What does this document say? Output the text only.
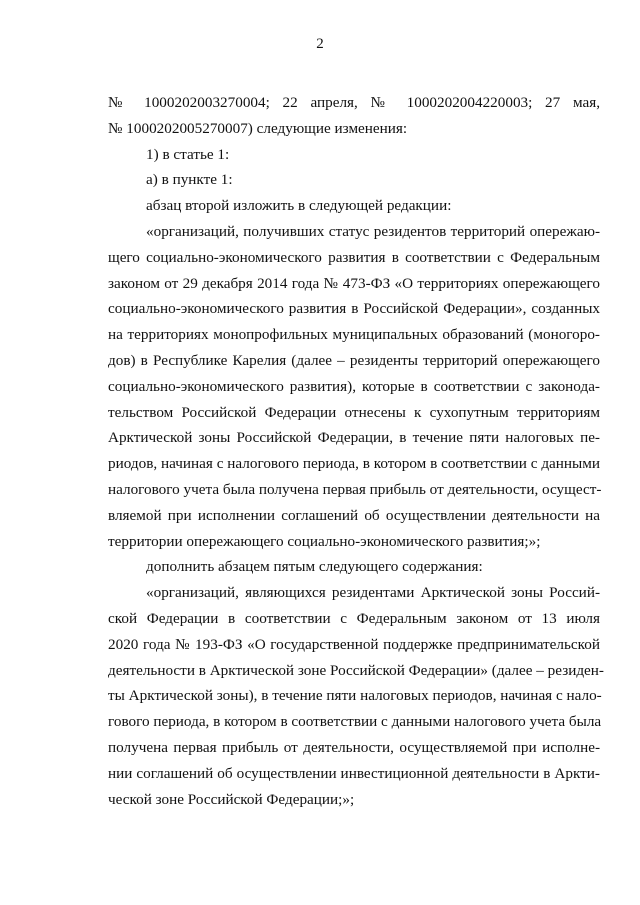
2
№ 1000202003270004; 22 апреля, № 1000202004220003; 27 мая,
№ 1000202005270007) следующие изменения:
1) в статье 1:
а) в пункте 1:
абзац второй изложить в следующей редакции:
«организаций, получивших статус резидентов территорий опережаю-
щего социально-экономического развития в соответствии с Федеральным
законом от 29 декабря 2014 года № 473-ФЗ «О территориях опережающего
социально-экономического развития в Российской Федерации», созданных
на территориях монопрофильных муниципальных образований (моногоро-
дов) в Республике Карелия (далее – резиденты территорий опережающего
социально-экономического развития), которые в соответствии с законода-
тельством Российской Федерации отнесены к сухопутным территориям
Арктической зоны Российской Федерации, в течение пяти налоговых пе-
риодов, начиная с налогового периода, в котором в соответствии с данными
налогового учета была получена первая прибыль от деятельности, осущест-
вляемой при исполнении соглашений об осуществлении деятельности на
территории опережающего социально-экономического развития;»;
дополнить абзацем пятым следующего содержания:
«организаций, являющихся резидентами Арктической зоны Россий-
ской Федерации в соответствии с Федеральным законом от 13 июля
2020 года № 193-ФЗ «О государственной поддержке предпринимательской
деятельности в Арктической зоне Российской Федерации» (далее – резиден-
ты Арктической зоны), в течение пяти налоговых периодов, начиная с нало-
гового периода, в котором в соответствии с данными налогового учета была
получена первая прибыль от деятельности, осуществляемой при исполне-
нии соглашений об осуществлении инвестиционной деятельности в Аркти-
ческой зоне Российской Федерации;»;
